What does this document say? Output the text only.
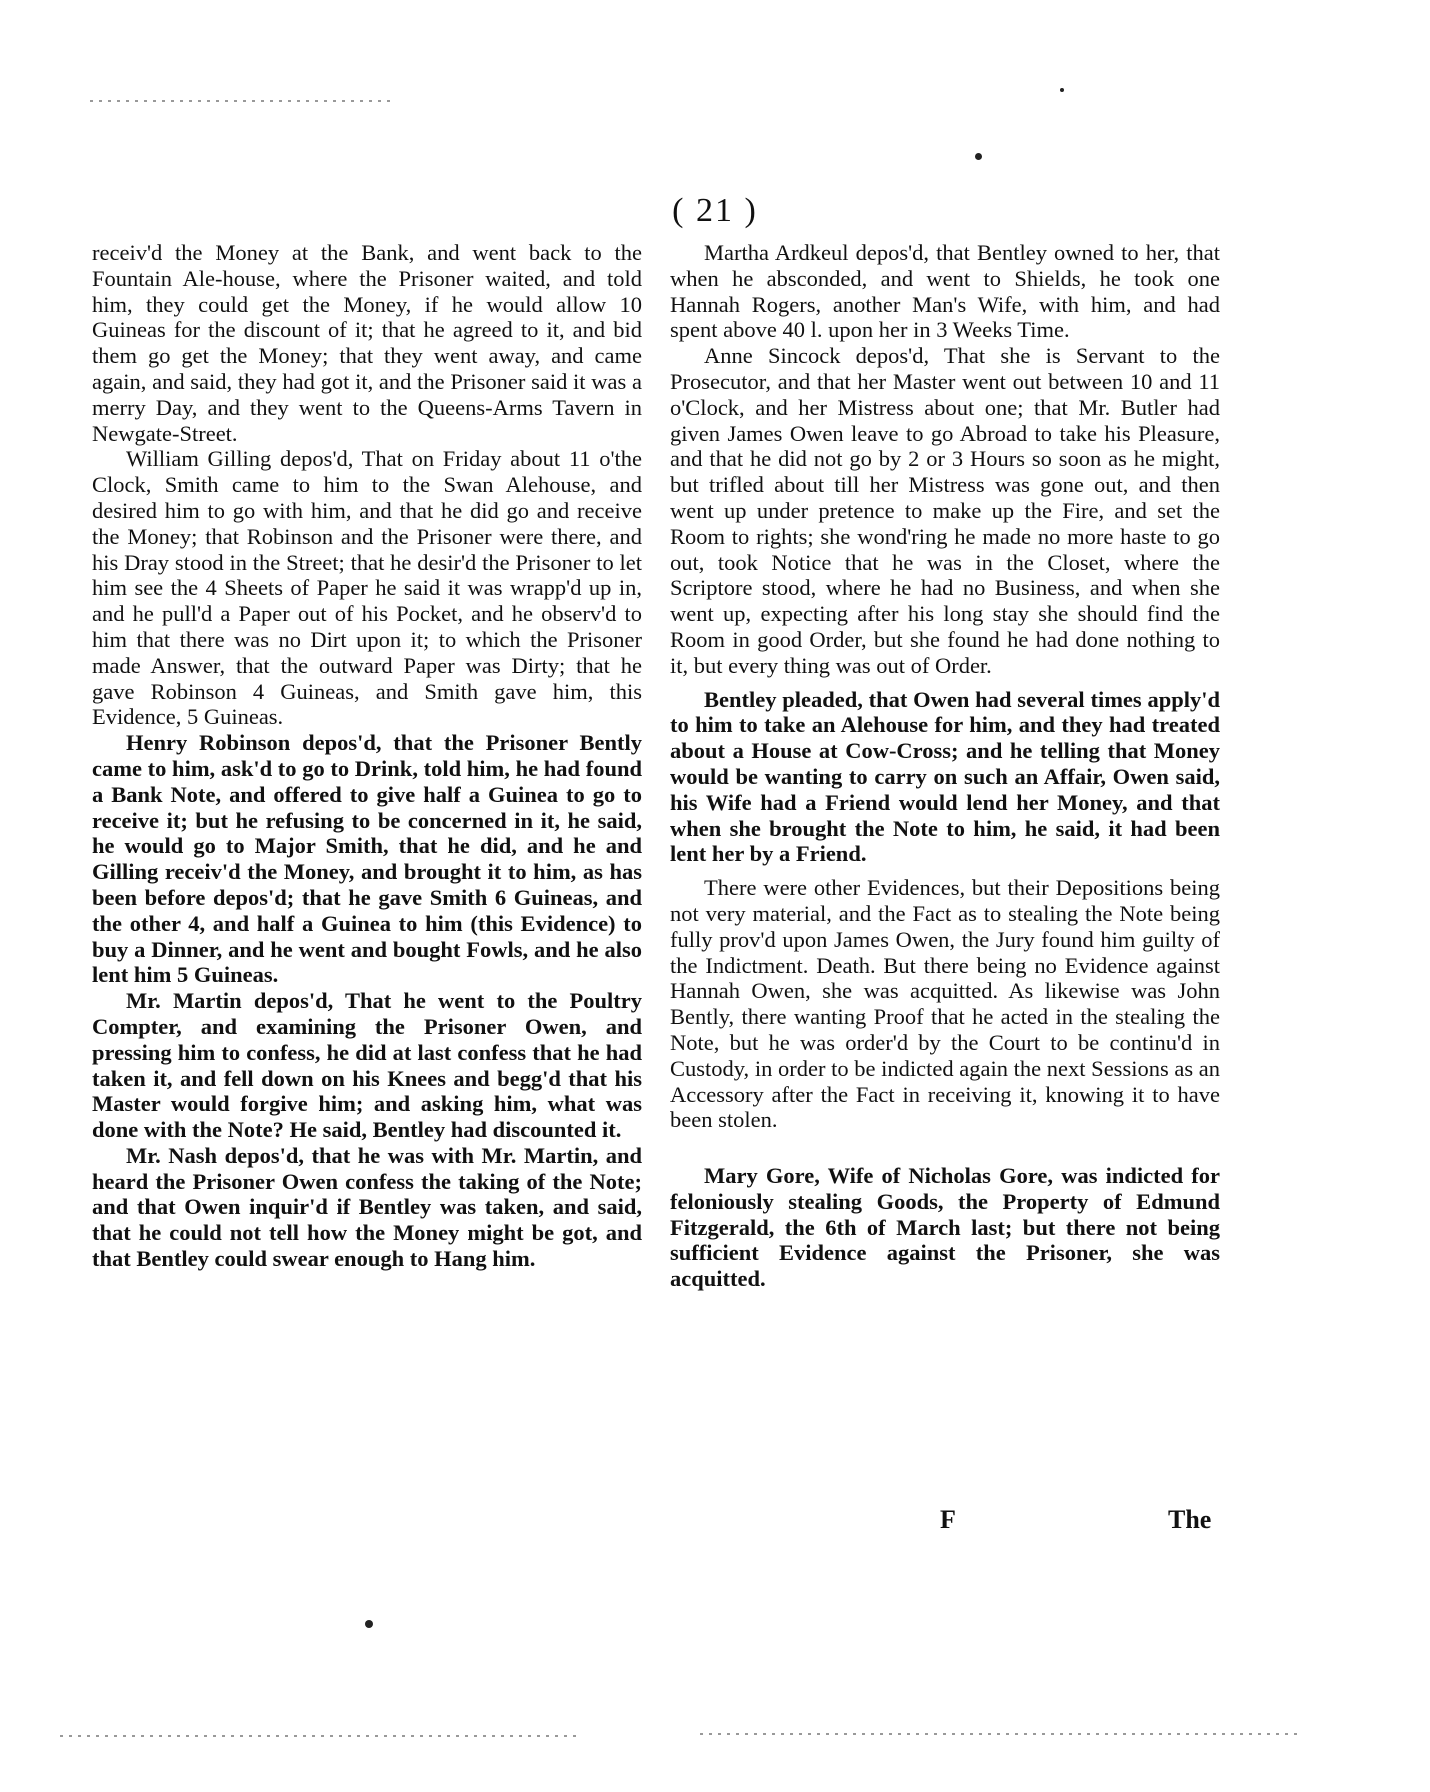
( 21 )

receiv'd the Money at the Bank, and went back to the Fountain Ale-house, where the Prisoner waited, and told him, they could get the Money, if he would allow 10 Guineas for the discount of it; that he agreed to it, and bid them go get the Money; that they went away, and came again, and said, they had got it, and the Prisoner said it was a merry Day, and they went to the Queens-Arms Tavern in Newgate-Street.

William Gilling depos'd, That on Friday about 11 o'the Clock, Smith came to him to the Swan Alehouse, and desired him to go with him, and that he did go and receive the Money; that Robinson and the Prisoner were there, and his Dray stood in the Street; that he desir'd the Prisoner to let him see the 4 Sheets of Paper he said it was wrapp'd up in, and he pull'd a Paper out of his Pocket, and he observ'd to him that there was no Dirt upon it; to which the Prisoner made Answer, that the outward Paper was Dirty; that he gave Robinson 4 Guineas, and Smith gave him, this Evidence, 5 Guineas.

Henry Robinson depos'd, that the Prisoner Bently came to him, ask'd to go to Drink, told him, he had found a Bank Note, and offered to give half a Guinea to go to receive it; but he refusing to be concerned in it, he said, he would go to Major Smith, that he did, and he and Gilling receiv'd the Money, and brought it to him, as has been before depos'd; that he gave Smith 6 Guineas, and the other 4, and half a Guinea to him (this Evidence) to buy a Dinner, and he went and bought Fowls, and he also lent him 5 Guineas.

Mr. Martin depos'd, That he went to the Poultry Compter, and examining the Prisoner Owen, and pressing him to confess, he did at last confess that he had taken it, and fell down on his Knees and begg'd that his Master would forgive him; and asking him, what was done with the Note? He said, Bentley had discounted it.

Mr. Nash depos'd, that he was with Mr. Martin, and heard the Prisoner Owen confess the taking of the Note; and that Owen inquir'd if Bentley was taken, and said, that he could not tell how the Money might be got, and that Bentley could swear enough to Hang him.

Martha Ardkeul depos'd, that Bentley owned to her, that when he absconded, and went to Shields, he took one Hannah Rogers, another Man's Wife, with him, and had spent above 40 l. upon her in 3 Weeks Time.

Anne Sincock depos'd, That she is Servant to the Prosecutor, and that her Master went out between 10 and 11 o'Clock, and her Mistress about one; that Mr. Butler had given James Owen leave to go Abroad to take his Pleasure, and that he did not go by 2 or 3 Hours so soon as he might, but trifled about till her Mistress was gone out, and then went up under pretence to make up the Fire, and set the Room to rights; she wond'ring he made no more haste to go out, took Notice that he was in the Closet, where the Scriptore stood, where he had no Business, and when she went up, expecting after his long stay she should find the Room in good Order, but she found he had done nothing to it, but every thing was out of Order.

Bentley pleaded, that Owen had several times apply'd to him to take an Alehouse for him, and they had treated about a House at Cow-Cross; and he telling that Money would be wanting to carry on such an Affair, Owen said, his Wife had a Friend would lend her Money, and that when she brought the Note to him, he said, it had been lent her by a Friend.

There were other Evidences, but their Depositions being not very material, and the Fact as to stealing the Note being fully prov'd upon James Owen, the Jury found him guilty of the Indictment. Death. But there being no Evidence against Hannah Owen, she was acquitted. As likewise was John Bently, there wanting Proof that he acted in the stealing the Note, but he was order'd by the Court to be continu'd in Custody, in order to be indicted again the next Sessions as an Accessory after the Fact in receiving it, knowing it to have been stolen.

Mary Gore, Wife of Nicholas Gore, was indicted for feloniously stealing Goods, the Property of Edmund Fitzgerald, the 6th of March last; but there not being sufficient Evidence against the Prisoner, she was acquitted.

F	The
